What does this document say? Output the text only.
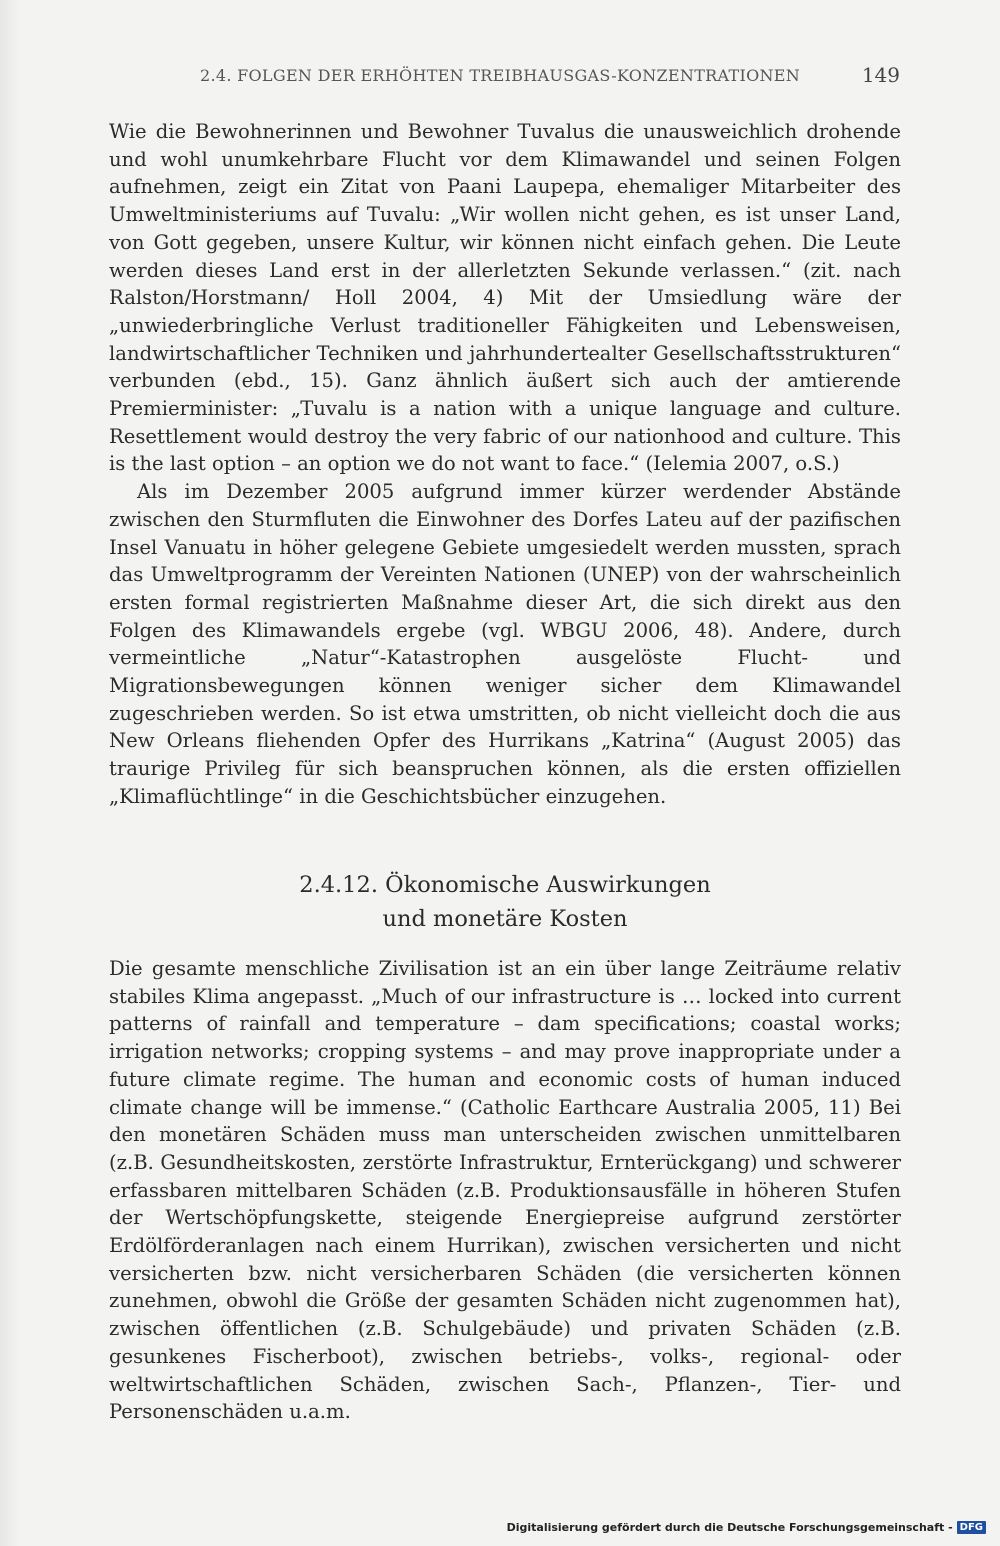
2.4. FOLGEN DER ERHÖHTEN TREIBHAUSGAS-KONZENTRATIONEN	149

Wie die Bewohnerinnen und Bewohner Tuvalus die unausweichlich drohende und wohl unumkehrbare Flucht vor dem Klimawandel und seinen Folgen aufnehmen, zeigt ein Zitat von Paani Laupepa, ehemaliger Mitarbeiter des Umweltministeriums auf Tuvalu: „Wir wollen nicht gehen, es ist unser Land, von Gott gegeben, unsere Kultur, wir können nicht einfach gehen. Die Leute werden dieses Land erst in der allerletzten Sekunde verlassen.“ (zit. nach Ralston/Horstmann/ Holl 2004, 4) Mit der Umsiedlung wäre der „unwiederbringliche Verlust traditioneller Fähigkeiten und Lebensweisen, landwirtschaftlicher Techniken und jahrhundertealter Gesellschaftsstrukturen“ verbunden (ebd., 15). Ganz ähnlich äußert sich auch der amtierende Premierminister: „Tuvalu is a nation with a unique language and culture. Resettlement would destroy the very fabric of our nationhood and culture. This is the last option – an option we do not want to face.“ (Ielemia 2007, o.S.)

Als im Dezember 2005 aufgrund immer kürzer werdender Abstände zwischen den Sturmfluten die Einwohner des Dorfes Lateu auf der pazifischen Insel Vanuatu in höher gelegene Gebiete umgesiedelt werden mussten, sprach das Umweltprogramm der Vereinten Nationen (UNEP) von der wahrscheinlich ersten formal registrierten Maßnahme dieser Art, die sich direkt aus den Folgen des Klimawandels ergebe (vgl. WBGU 2006, 48). Andere, durch vermeintliche „Natur“-Katastrophen ausgelöste Flucht- und Migrationsbewegungen können weniger sicher dem Klimawandel zugeschrieben werden. So ist etwa umstritten, ob nicht vielleicht doch die aus New Orleans fliehenden Opfer des Hurrikans „Katrina“ (August 2005) das traurige Privileg für sich beanspruchen können, als die ersten offiziellen „Klimaflüchtlinge“ in die Geschichtsbücher einzugehen.

2.4.12. Ökonomische Auswirkungen
und monetäre Kosten

Die gesamte menschliche Zivilisation ist an ein über lange Zeiträume relativ stabiles Klima angepasst. „Much of our infrastructure is … locked into current patterns of rainfall and temperature – dam specifications; coastal works; irrigation networks; cropping systems – and may prove inappropriate under a future climate regime. The human and economic costs of human induced climate change will be immense.“ (Catholic Earthcare Australia 2005, 11) Bei den monetären Schäden muss man unterscheiden zwischen unmittelbaren (z.B. Gesundheitskosten, zerstörte Infrastruktur, Ernterückgang) und schwerer erfassbaren mittelbaren Schäden (z.B. Produktionsausfälle in höheren Stufen der Wertschöpfungskette, steigende Energiepreise aufgrund zerstörter Erdölförderanlagen nach einem Hurrikan), zwischen versicherten und nicht versicherten bzw. nicht versicherbaren Schäden (die versicherten können zunehmen, obwohl die Größe der gesamten Schäden nicht zugenommen hat), zwischen öffentlichen (z.B. Schulgebäude) und privaten Schäden (z.B. gesunkenes Fischerboot), zwischen betriebs-, volks-, regional- oder weltwirtschaftlichen Schäden, zwischen Sach-, Pflanzen-, Tier- und Personenschäden u.a.m.

Digitalisierung gefördert durch die Deutsche Forschungsgemeinschaft - DFG
